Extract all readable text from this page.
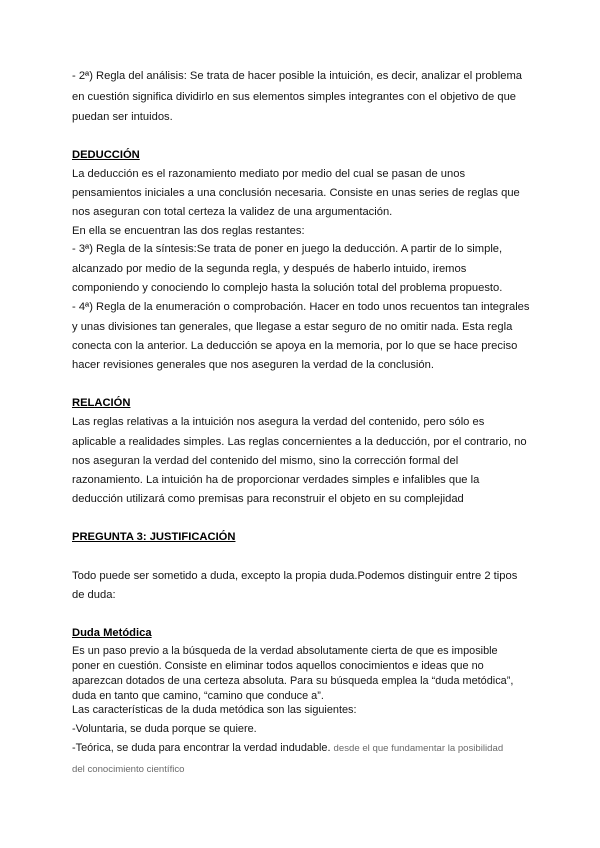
- 2ª) Regla del análisis: Se trata de hacer posible la intuición, es decir, analizar el problema
en cuestión significa dividirlo en sus elementos simples integrantes con el objetivo de que
puedan ser intuidos.
DEDUCCIÓN
La deducción es el razonamiento mediato por medio del cual se pasan de unos
pensamientos iniciales a una conclusión necesaria. Consiste en unas series de reglas que
nos aseguran con total certeza la validez de una argumentación.
En ella se encuentran las dos reglas restantes:
- 3ª) Regla de la síntesis:Se trata de poner en juego la deducción. A partir de lo simple,
alcanzado por medio de la segunda regla, y después de haberlo intuido, iremos
componiendo y conociendo lo complejo hasta la solución total del problema propuesto.
- 4ª) Regla de la enumeración o comprobación. Hacer en todo unos recuentos tan integrales
y unas divisiones tan generales, que llegase a estar seguro de no omitir nada. Esta regla
conecta con la anterior. La deducción se apoya en la memoria, por lo que se hace preciso
hacer revisiones generales que nos aseguren la verdad de la conclusión.
RELACIÓN
Las reglas relativas a la intuición nos asegura la verdad del contenido, pero sólo es
aplicable a realidades simples. Las reglas concernientes a la deducción, por el contrario, no
nos aseguran la verdad del contenido del mismo, sino la corrección formal del
razonamiento. La intuición ha de proporcionar verdades simples e infalibles que la
deducción utilizará como premisas para reconstruir el objeto en su complejidad
PREGUNTA 3: JUSTIFICACIÓN
Todo puede ser sometido a duda, excepto la propia duda.Podemos distinguir entre 2 tipos
de duda:
Duda Metódica
Es un paso previo a la búsqueda de la verdad absolutamente cierta de que es imposible
poner en cuestión. Consiste en eliminar todos aquellos conocimientos e ideas que no
aparezcan dotados de una certeza absoluta. Para su búsqueda emplea la “duda metódica”,
duda en tanto que camino, “camino que conduce a”.
Las características de la duda metódica son las siguientes:
-Voluntaria, se duda porque se quiere.
-Teórica, se duda para encontrar la verdad indudable. desde el que fundamentar la posibilidad
del conocimiento científico
